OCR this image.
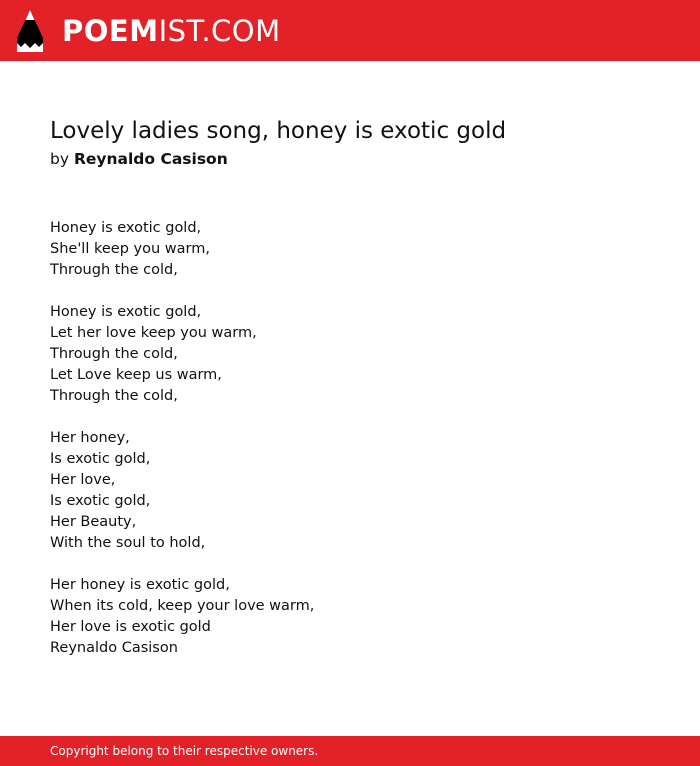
POEMIST.COM
Lovely ladies song, honey is exotic gold
by Reynaldo Casison
Honey is exotic gold,
She'll keep you warm,
Through the cold,
Honey is exotic gold,
Let her love keep you warm,
Through the cold,
Let Love keep us warm,
Through the cold,
Her honey,
Is exotic gold,
Her love,
Is exotic gold,
Her Beauty,
With the soul to hold,
Her honey is exotic gold,
When its cold, keep your love warm,
Her love is exotic gold
Reynaldo Casison
Copyright belong to their respective owners.
